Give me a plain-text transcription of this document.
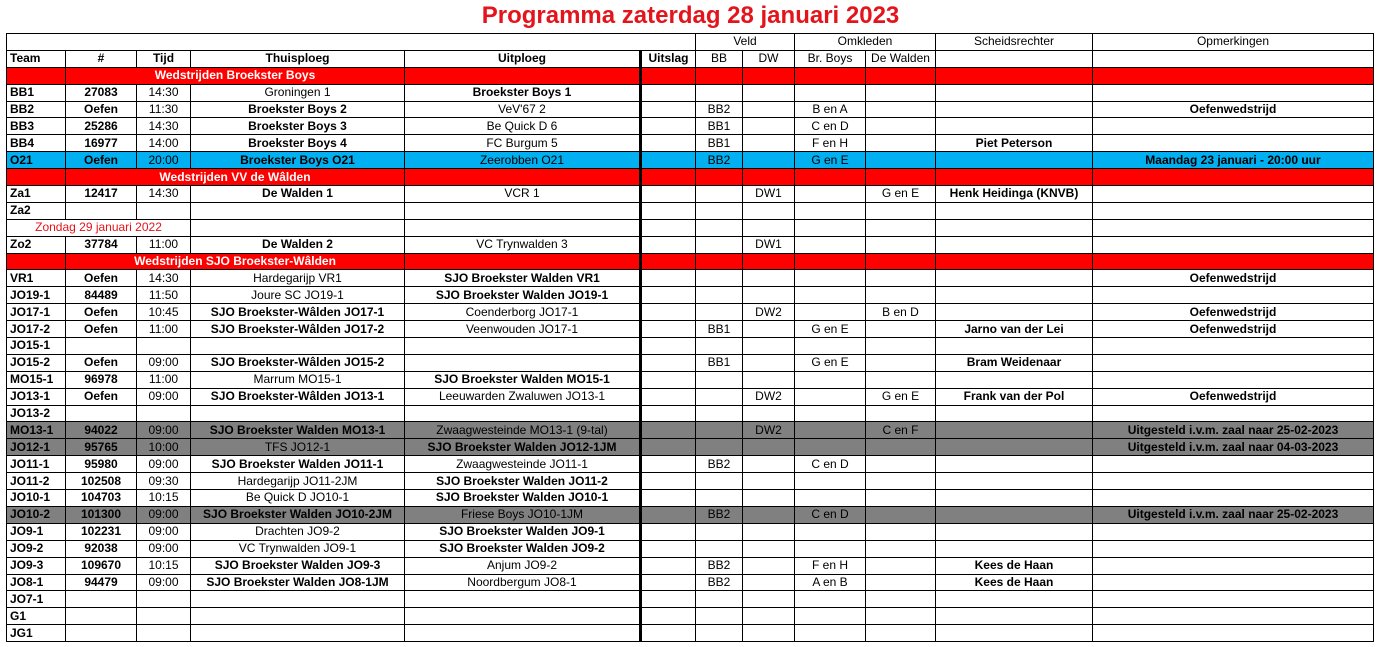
Programma zaterdag 28 januari 2023
						Veld		Omkleden		Scheidsrechter	Opmerkingen
Team	#	Tijd	Thuisploeg	Uitploeg	Uitslag	BB	DW	Br. Boys	De Walden		
	Wedstrijden Broekster Boys										
BB1	27083	14:30	Groningen 1	Broekster Boys 1							
BB2	Oefen	11:30	Broekster Boys 2	VeV'67 2		BB2		B en A			Oefenwedstrijd
BB3	25286	14:30	Broekster Boys 3	Be Quick D 6		BB1		C en D			
BB4	16977	14:00	Broekster Boys 4	FC Burgum 5		BB1		F en H		Piet Peterson	
O21	Oefen	20:00	Broekster Boys O21	Zeerobben O21		BB2		G en E			Maandag 23 januari - 20:00 uur
	Wedstrijden VV de Wâlden										
Za1	12417	14:30	De Walden 1	VCR 1			DW1		G en E	Henk Heidinga (KNVB)	
Za2											
Zondag 29 januari 2022											
Zo2	37784	11:00	De Walden 2	VC Trynwalden 3			DW1				
	Wedstrijden SJO Broekster-Wâlden										
VR1	Oefen	14:30	Hardegarijp VR1	SJO Broekster Walden VR1							Oefenwedstrijd
JO19-1	84489	11:50	Joure SC JO19-1	SJO Broekster Walden JO19-1							
JO17-1	Oefen	10:45	SJO Broekster-Wâlden JO17-1	Coenderborg JO17-1			DW2		B en D		Oefenwedstrijd
JO17-2	Oefen	11:00	SJO Broekster-Wâlden JO17-2	Veenwouden JO17-1		BB1		G en E		Jarno van der Lei	Oefenwedstrijd
JO15-1											
JO15-2	Oefen	09:00	SJO Broekster-Wâlden JO15-2			BB1		G en E		Bram Weidenaar	
MO15-1	96978	11:00	Marrum MO15-1	SJO Broekster Walden MO15-1							
JO13-1	Oefen	09:00	SJO Broekster-Wâlden JO13-1	Leeuwarden Zwaluwen JO13-1			DW2		G en E	Frank van der Pol	Oefenwedstrijd
JO13-2											
MO13-1	94022	09:00	SJO Broekster Walden MO13-1	Zwaagwesteinde MO13-1 (9-tal)			DW2		C en F		Uitgesteld i.v.m. zaal naar 25-02-2023
JO12-1	95765	10:00	TFS JO12-1	SJO Broekster Walden JO12-1JM							Uitgesteld i.v.m. zaal naar 04-03-2023
JO11-1	95980	09:00	SJO Broekster Walden JO11-1	Zwaagwesteinde JO11-1		BB2		C en D			
JO11-2	102508	09:30	Hardegarijp JO11-2JM	SJO Broekster Walden JO11-2							
JO10-1	104703	10:15	Be Quick D JO10-1	SJO Broekster Walden JO10-1							
JO10-2	101300	09:00	SJO Broekster Walden JO10-2JM	Friese Boys JO10-1JM		BB2		C en D			Uitgesteld i.v.m. zaal naar 25-02-2023
JO9-1	102231	09:00	Drachten JO9-2	SJO Broekster Walden JO9-1							
JO9-2	92038	09:00	VC Trynwalden JO9-1	SJO Broekster Walden JO9-2							
JO9-3	109670	10:15	SJO Broekster Walden JO9-3	Anjum JO9-2		BB2		F en H		Kees de Haan	
JO8-1	94479	09:00	SJO Broekster Walden JO8-1JM	Noordbergum JO8-1		BB2		A en B		Kees de Haan	
JO7-1											
G1											
JG1											
